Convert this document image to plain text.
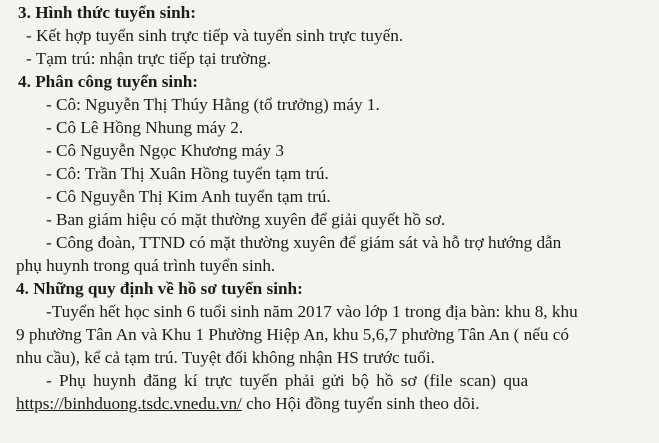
3. Hình thức tuyển sinh:
- Kết hợp tuyển sinh trực tiếp và tuyển sinh trực tuyến.
- Tạm trú: nhận trực tiếp tại trường.
4. Phân công tuyển sinh:
- Cô: Nguyễn Thị Thúy Hằng (tổ trưởng) máy 1.
- Cô Lê Hồng Nhung máy 2.
- Cô Nguyễn Ngọc Khương máy 3
- Cô: Trần Thị Xuân Hồng tuyển tạm trú.
- Cô Nguyễn Thị Kim Anh tuyển tạm trú.
- Ban giám hiệu có mặt thường xuyên để giải quyết hồ sơ.
- Công đoàn, TTND có mặt thường xuyên để giám sát và hỗ trợ hướng dẫn
phụ huynh trong quá trình tuyển sinh.
4. Những quy định về hồ sơ tuyển sinh:
-Tuyển hết học sinh 6 tuổi sinh năm 2017 vào lớp 1 trong địa bàn: khu 8, khu
9 phường Tân An và Khu 1 Phường Hiệp An, khu 5,6,7 phường Tân An ( nếu có
nhu cầu), kể cả tạm trú. Tuyệt đối không nhận HS trước tuổi.
- Phụ huynh đăng kí trực tuyến phải gửi bộ hồ sơ (file scan) qua
https://binhduong.tsdc.vnedu.vn/ cho Hội đồng tuyển sinh theo dõi.
